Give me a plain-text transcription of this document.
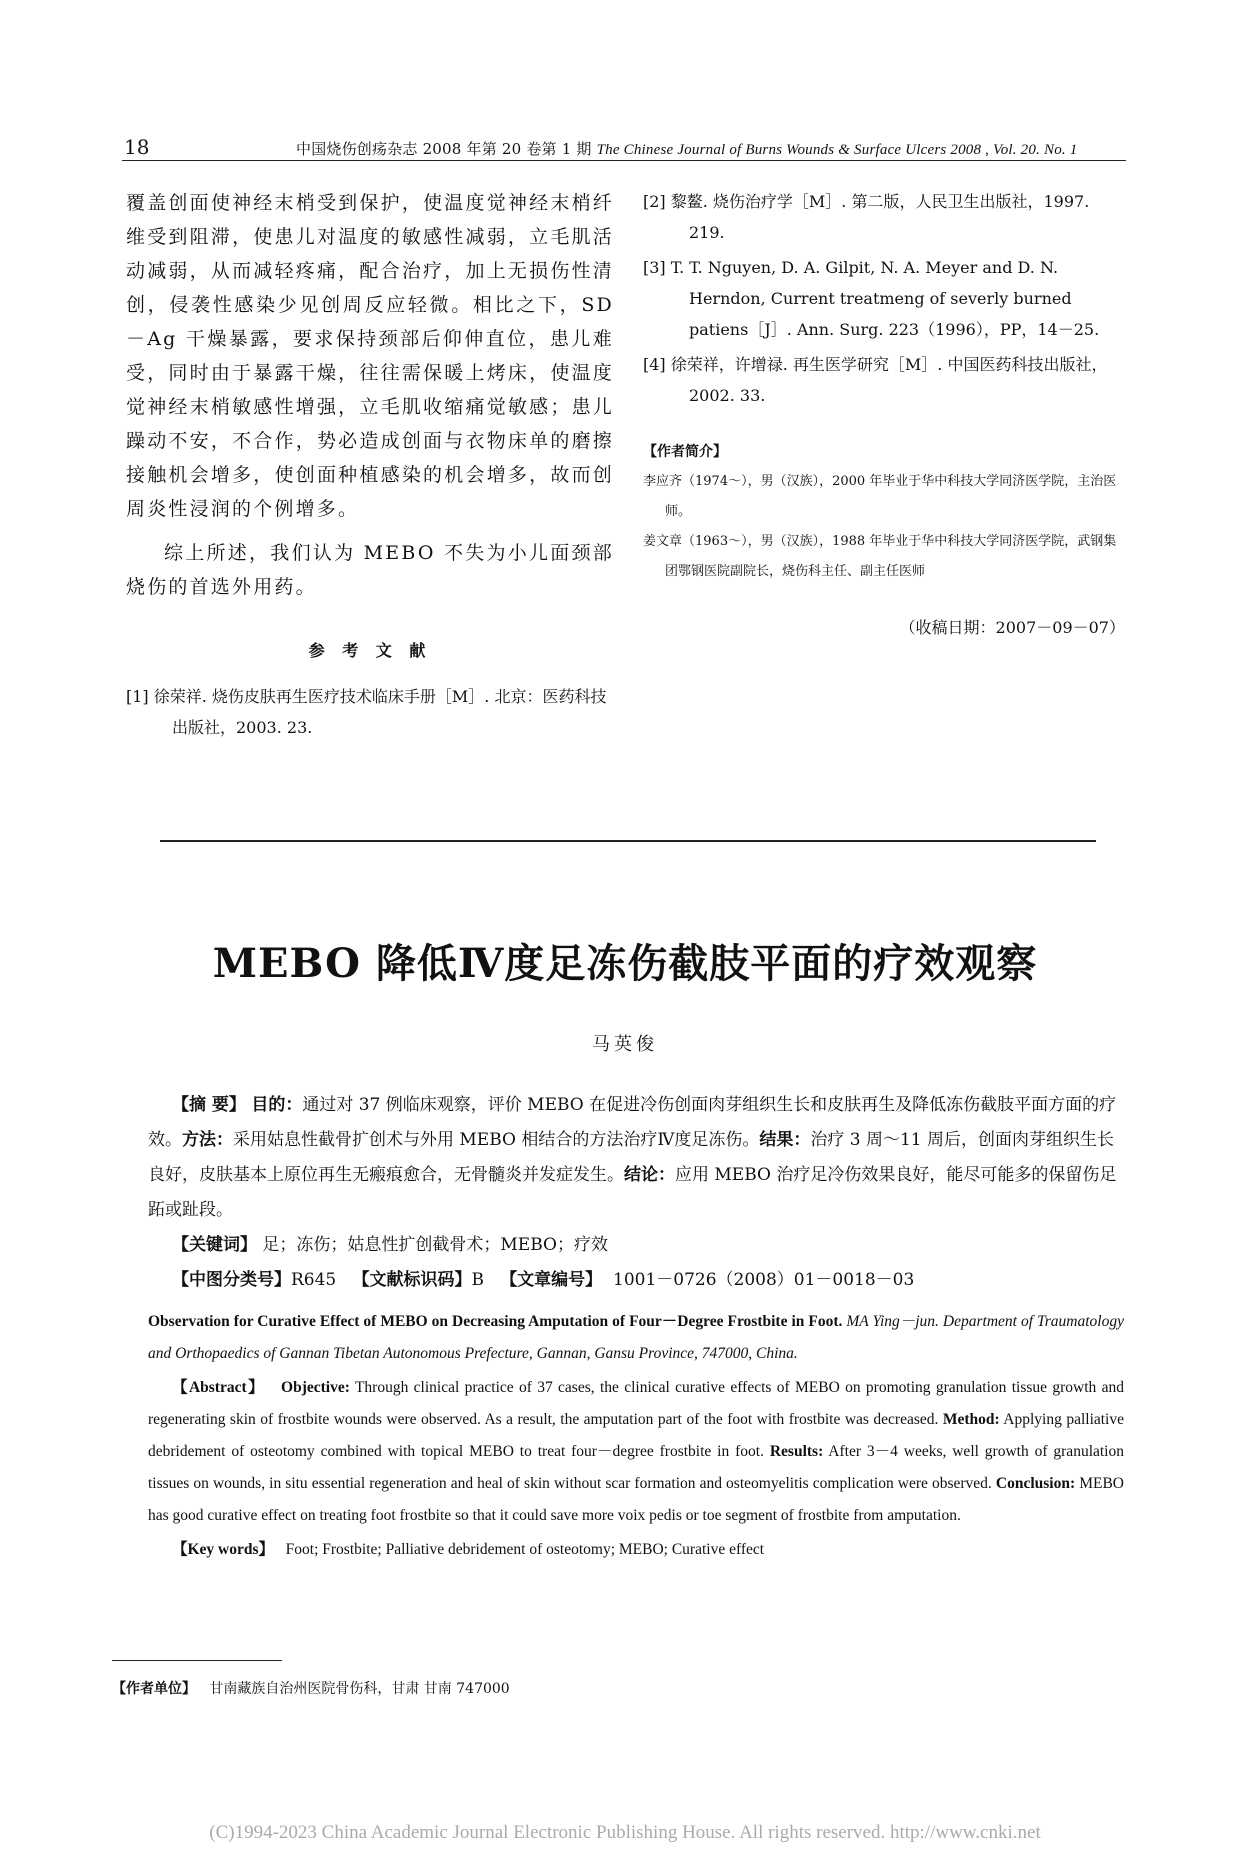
18	中国烧伤创疡杂志 2008 年第 20 卷第 1 期 The Chinese Journal of Burns Wounds & Surface Ulcers 2008 , Vol. 20. No. 1

覆盖创面使神经末梢受到保护，使温度觉神经末梢纤维受到阻滞，使患儿对温度的敏感性减弱，立毛肌活动减弱，从而减轻疼痛，配合治疗，加上无损伤性清创，侵袭性感染少见创周反应轻微。相比之下，SD－Ag 干燥暴露，要求保持颈部后仰伸直位，患儿难受，同时由于暴露干燥，往往需保暖上烤床，使温度觉神经末梢敏感性增强，立毛肌收缩痛觉敏感；患儿躁动不安，不合作，势必造成创面与衣物床单的磨擦接触机会增多，使创面种植感染的机会增多，故而创周炎性浸润的个例增多。

综上所述，我们认为 MEBO 不失为小儿面颈部烧伤的首选外用药。

参 考 文 献

[1] 徐荣祥. 烧伤皮肤再生医疗技术临床手册［M］. 北京：医药科技出版社，2003. 23.

[2] 黎鳌. 烧伤治疗学［M］. 第二版，人民卫生出版社，1997. 219.

[3] T. T. Nguyen, D. A. Gilpit, N. A. Meyer and D. N. Herndon, Current treatmeng of severly burned patiens［J］. Ann. Surg. 223（1996），PP，14－25.

[4] 徐荣祥，许增禄. 再生医学研究［M］. 中国医药科技出版社，2002. 33.

【作者简介】

李应齐（1974～），男（汉族），2000 年毕业于华中科技大学同济医学院，主治医师。

姜文章（1963～），男（汉族），1988 年毕业于华中科技大学同济医学院，武钢集团鄂钢医院副院长，烧伤科主任、副主任医师

（收稿日期：2007－09－07）
MEBO 降低Ⅳ度足冻伤截肢平面的疗效观察
马英俊

【摘 要】 目的：通过对 37 例临床观察，评价 MEBO 在促进冷伤创面肉芽组织生长和皮肤再生及降低冻伤截肢平面方面的疗效。方法：采用姑息性截骨扩创术与外用 MEBO 相结合的方法治疗Ⅳ度足冻伤。结果：治疗 3 周～11 周后，创面肉芽组织生长良好，皮肤基本上原位再生无瘢痕愈合，无骨髓炎并发症发生。结论：应用 MEBO 治疗足冷伤效果良好，能尽可能多的保留伤足跖或趾段。

【关键词】 足；冻伤；姑息性扩创截骨术；MEBO；疗效

【中图分类号】R645 【文献标识码】B 【文章编号】 1001－0726（2008）01－0018－03

Observation for Curative Effect of MEBO on Decreasing Amputation of Four－Degree Frostbite in Foot. MA Ying－jun. Department of Traumatology and Orthopaedics of Gannan Tibetan Autonomous Prefecture, Gannan, Gansu Province, 747000, China.

【Abstract】 Objective: Through clinical practice of 37 cases, the clinical curative effects of MEBO on promoting granulation tissue growth and regenerating skin of frostbite wounds were observed. As a result, the amputation part of the foot with frostbite was decreased. Method: Applying palliative debridement of osteotomy combined with topical MEBO to treat four－degree frostbite in foot. Results: After 3－4 weeks, well growth of granulation tissues on wounds, in situ essential regeneration and heal of skin without scar formation and osteomyelitis complication were observed. Conclusion: MEBO has good curative effect on treating foot frostbite so that it could save more voix pedis or toe segment of frostbite from amputation.

【Key words】 Foot; Frostbite; Palliative debridement of osteotomy; MEBO; Curative effect

【作者单位】 甘南藏族自治州医院骨伤科，甘肃 甘南 747000
(C)1994-2023 China Academic Journal Electronic Publishing House. All rights reserved. http://www.cnki.net
